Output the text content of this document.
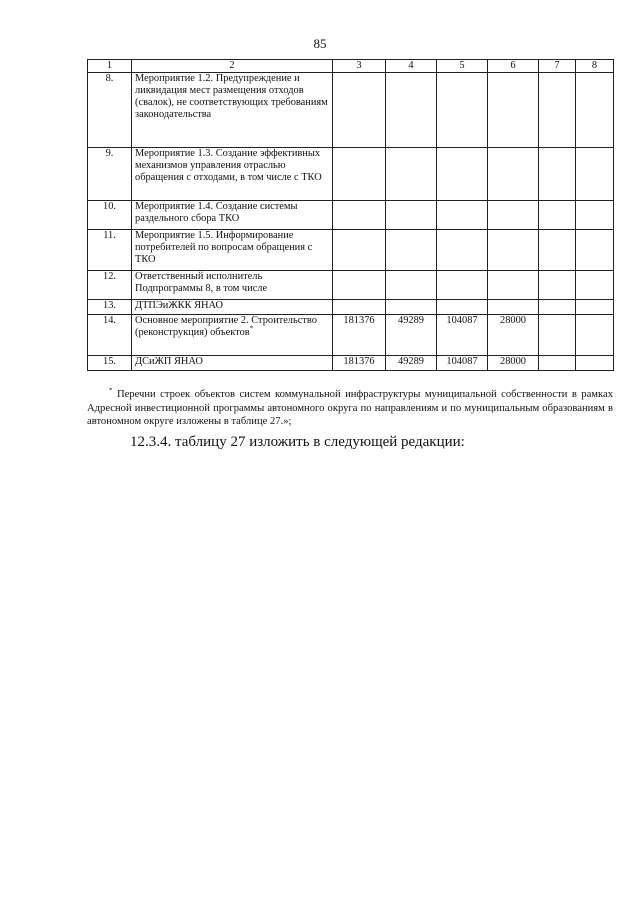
85
1	2	3	4	5	6	7	8
8.	Мероприятие 1.2. Предупреждение и ликвидация мест размещения отходов (свалок), не соответствующих требованиям законодательства						
9.	Мероприятие 1.3. Создание эффективных механизмов управления отраслью обращения с отходами, в том числе с ТКО						
10.	Мероприятие 1.4. Создание системы раздельного сбора ТКО						
11.	Мероприятие 1.5. Информирование потребителей по вопросам обращения с ТКО						
12.	Ответственный исполнитель Подпрограммы 8, в том числе						
13.	ДТПЭиЖКК ЯНАО						
14.	Основное мероприятие 2. Строительство (реконструкция) объектов*	181376	49289	104087	28000		
15.	ДСиЖП ЯНАО	181376	49289	104087	28000		
* Перечни строек объектов систем коммунальной инфраструктуры муниципальной собственности в рамках Адресной инвестиционной программы автономного округа по направлениям и по муниципальным образованиям в автономном округе изложены в таблице 27.»;
12.3.4. таблицу 27 изложить в следующей редакции:
